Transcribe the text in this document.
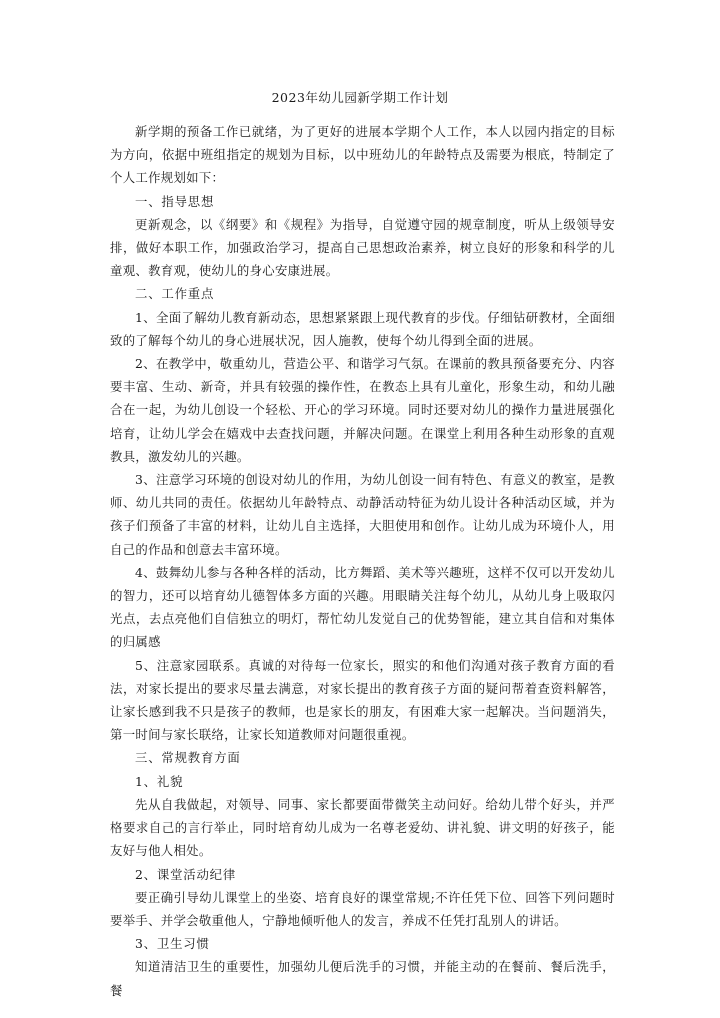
2023年幼儿园新学期工作计划

新学期的预备工作已就绪，为了更好的进展本学期个人工作，本人以园内指定的目标为方向，依据中班组指定的规划为目标，以中班幼儿的年龄特点及需要为根底，特制定了个人工作规划如下：

一、指导思想

更新观念，以《纲要》和《规程》为指导，自觉遵守园的规章制度，听从上级领导安排，做好本职工作，加强政治学习，提高自己思想政治素养，树立良好的形象和科学的儿童观、教育观，使幼儿的身心安康进展。

二、工作重点

1、全面了解幼儿教育新动态，思想紧紧跟上现代教育的步伐。仔细钻研教材，全面细致的了解每个幼儿的身心进展状况，因人施教，使每个幼儿得到全面的进展。

2、在教学中，敬重幼儿，营造公平、和谐学习气氛。在课前的教具预备要充分、内容要丰富、生动、新奇，并具有较强的操作性，在教态上具有儿童化，形象生动，和幼儿融合在一起，为幼儿创设一个轻松、开心的学习环境。同时还要对幼儿的操作力量进展强化培育，让幼儿学会在嬉戏中去查找问题，并解决问题。在课堂上利用各种生动形象的直观教具，激发幼儿的兴趣。

3、注意学习环境的创设对幼儿的作用，为幼儿创设一间有特色、有意义的教室，是教师、幼儿共同的责任。依据幼儿年龄特点、动静活动特征为幼儿设计各种活动区域，并为孩子们预备了丰富的材料，让幼儿自主选择，大胆使用和创作。让幼儿成为环境仆人，用自己的作品和创意去丰富环境。

4、鼓舞幼儿参与各种各样的活动，比方舞蹈、美术等兴趣班，这样不仅可以开发幼儿的智力，还可以培育幼儿德智体多方面的兴趣。用眼睛关注每个幼儿，从幼儿身上吸取闪光点，去点亮他们自信独立的明灯，帮忙幼儿发觉自己的优势智能，建立其自信和对集体的归属感

5、注意家园联系。真诚的对待每一位家长，照实的和他们沟通对孩子教育方面的看法，对家长提出的要求尽量去满意，对家长提出的教育孩子方面的疑问帮着查资料解答，让家长感到我不只是孩子的教师，也是家长的朋友，有困难大家一起解决。当问题消失，第一时间与家长联络，让家长知道教师对问题很重视。

三、常规教育方面

1、礼貌

先从自我做起，对领导、同事、家长都要面带微笑主动问好。给幼儿带个好头，并严格要求自己的言行举止，同时培育幼儿成为一名尊老爱幼、讲礼貌、讲文明的好孩子，能友好与他人相处。

2、课堂活动纪律

要正确引导幼儿课堂上的坐姿、培育良好的课堂常规;不许任凭下位、回答下列问题时要举手、并学会敬重他人，宁静地倾听他人的发言，养成不任凭打乱别人的讲话。

3、卫生习惯

知道清洁卫生的重要性，加强幼儿便后洗手的习惯，并能主动的在餐前、餐后洗手，餐
